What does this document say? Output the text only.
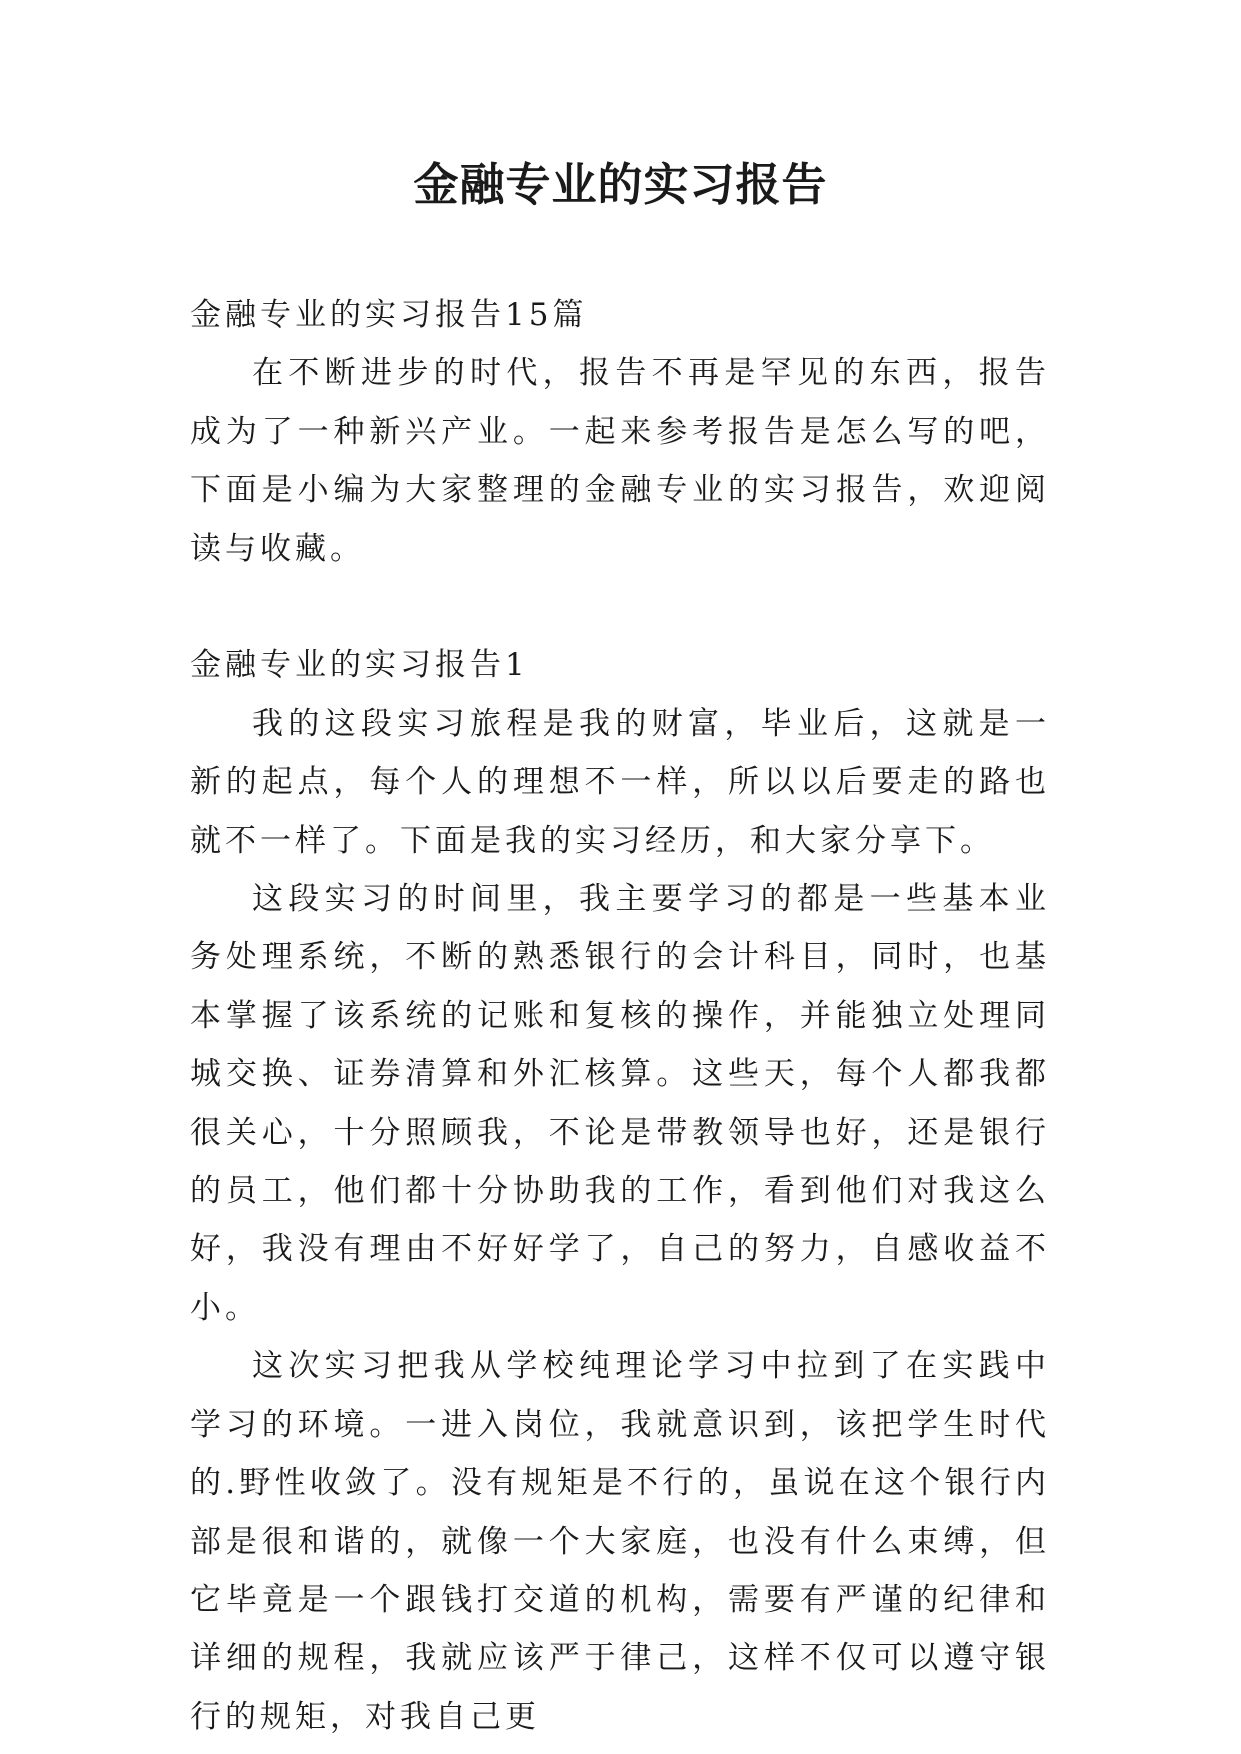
金融专业的实习报告

金融专业的实习报告15篇

在不断进步的时代，报告不再是罕见的东西，报告成为了一种新兴产业。一起来参考报告是怎么写的吧，下面是小编为大家整理的金融专业的实习报告，欢迎阅读与收藏。

金融专业的实习报告1

我的这段实习旅程是我的财富，毕业后，这就是一新的起点，每个人的理想不一样，所以以后要走的路也就不一样了。下面是我的实习经历，和大家分享下。

这段实习的时间里，我主要学习的都是一些基本业务处理系统，不断的熟悉银行的会计科目，同时，也基本掌握了该系统的记账和复核的操作，并能独立处理同城交换、证券清算和外汇核算。这些天，每个人都我都很关心，十分照顾我，不论是带教领导也好，还是银行的员工，他们都十分协助我的工作，看到他们对我这么好，我没有理由不好好学了，自己的努力，自感收益不小。

这次实习把我从学校纯理论学习中拉到了在实践中学习的环境。一进入岗位，我就意识到，该把学生时代的.野性收敛了。没有规矩是不行的，虽说在这个银行内部是很和谐的，就像一个大家庭，也没有什么束缚，但它毕竟是一个跟钱打交道的机构，需要有严谨的纪律和详细的规程，我就应该严于律己，这样不仅可以遵守银行的规矩，对我自己更
